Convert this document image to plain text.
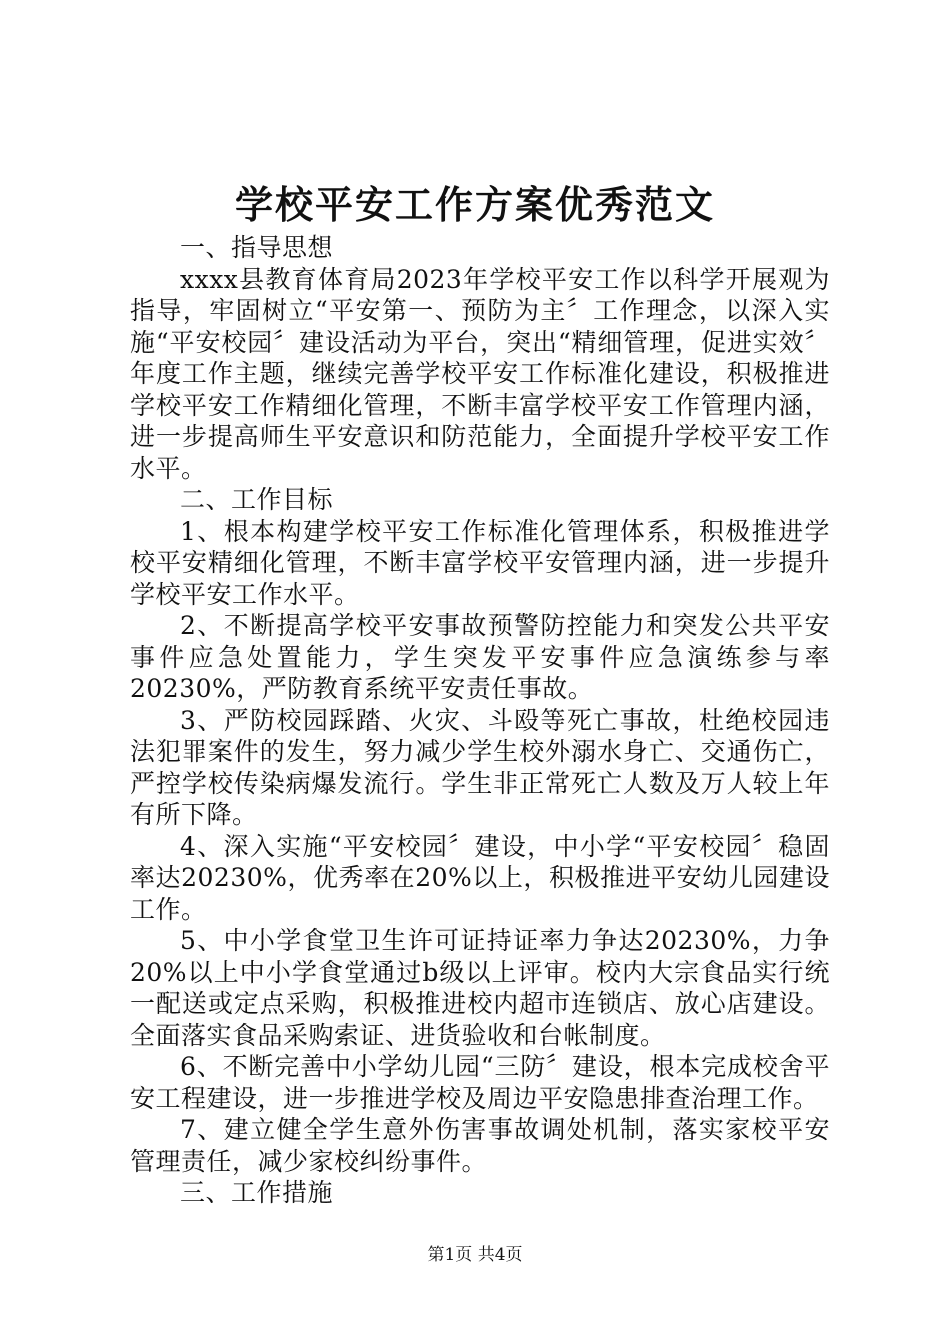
学校平安工作方案优秀范文

一、指导思想

xxxx县教育体育局2023年学校平安工作以科学开展观为指导，牢固树立“平安第一、预防为主〞工作理念，以深入实施“平安校园〞建设活动为平台，突出“精细管理，促进实效〞年度工作主题，继续完善学校平安工作标准化建设，积极推进学校平安工作精细化管理，不断丰富学校平安工作管理内涵，进一步提高师生平安意识和防范能力，全面提升学校平安工作水平。

二、工作目标

1、根本构建学校平安工作标准化管理体系，积极推进学校平安精细化管理，不断丰富学校平安管理内涵，进一步提升学校平安工作水平。

2、不断提高学校平安事故预警防控能力和突发公共平安事件应急处置能力，学生突发平安事件应急演练参与率20230%，严防教育系统平安责任事故。

3、严防校园踩踏、火灾、斗殴等死亡事故，杜绝校园违法犯罪案件的发生，努力减少学生校外溺水身亡、交通伤亡，严控学校传染病爆发流行。学生非正常死亡人数及万人较上年有所下降。

4、深入实施“平安校园〞建设，中小学“平安校园〞稳固率达20230%，优秀率在20%以上，积极推进平安幼儿园建设工作。

5、中小学食堂卫生许可证持证率力争达20230%，力争20%以上中小学食堂通过b级以上评审。校内大宗食品实行统一配送或定点采购，积极推进校内超市连锁店、放心店建设。全面落实食品采购索证、进货验收和台帐制度。

6、不断完善中小学幼儿园“三防〞建设，根本完成校舍平安工程建设，进一步推进学校及周边平安隐患排查治理工作。

7、建立健全学生意外伤害事故调处机制，落实家校平安管理责任，减少家校纠纷事件。

三、工作措施

第1页 共4页
